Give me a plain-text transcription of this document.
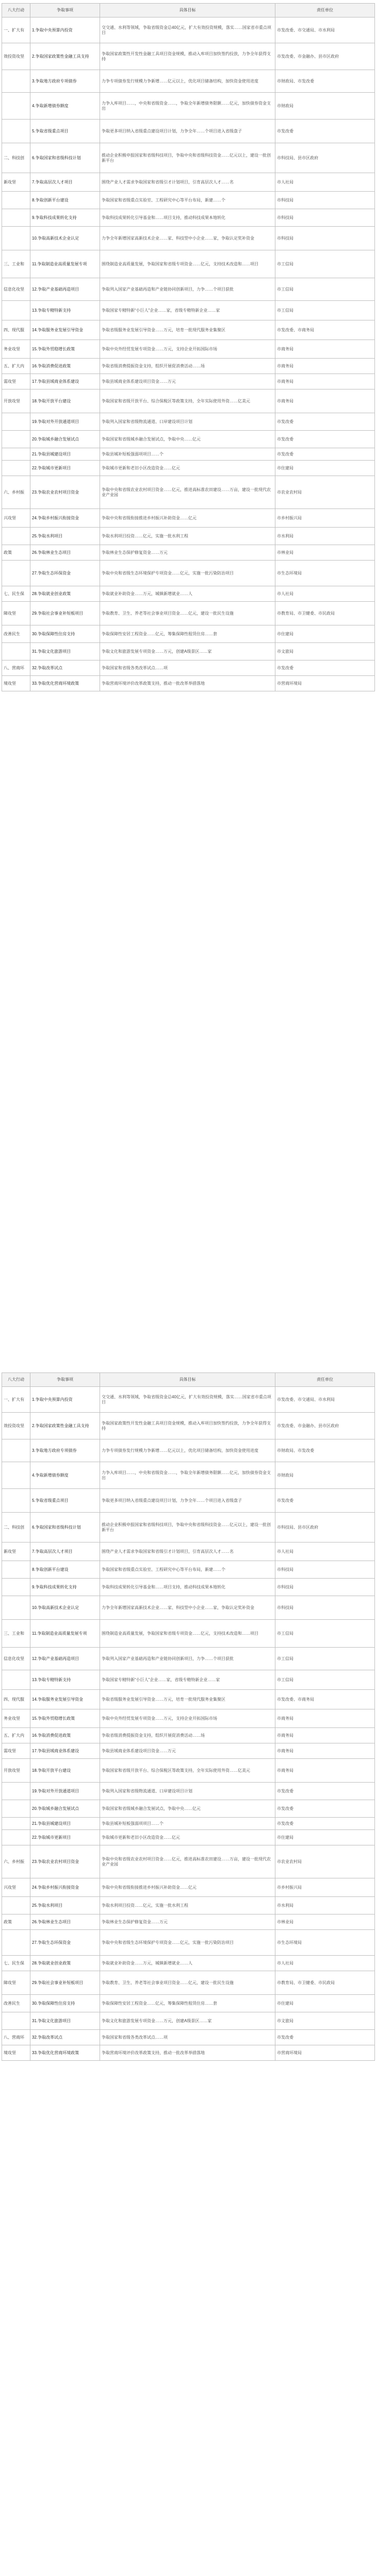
八大行动	争取事项	具体目标	责任单位
一、扩大有	1.争取中央预算内投资	交交通、水利等领域，争取省级资金总40亿元，扩大有效投资规模，落实……国家省市重点项目	市发改委、市交通局、市水利局
效投资攻坚	2.争取国家政策性金融工具支持	争取国家政策性开发性金融工具项目资金规模，推动入库项目加快签约投放，力争全年获得支持	市发改委、市金融办、县市区政府
	3.争取地方政府专项债券	力争专项债券发行规模力争新增……亿元以上，优化项目储备结构，加快资金使用进度	市财政局、市发改委
	4.争取新增债券额度	力争入库项目……，中央和省级资金……，争取全年新增债务限额……亿元，加快债券资金支出	市财政局
	5.争取省级重点项目	争取更多项目纳入省级重点建设项目计划，力争全年……个项目进入省级盘子	市发改委
二、科技创	6.争取国家和省级科技计划	推动企业积极申报国家和省级科技项目，争取中央和省级科技资金……亿元以上，建设一批创新平台	市科技局、县市区政府
新攻坚	7.争取高层次人才项目	围绕产业人才需求争取国家和省级引才计划项目，引育高层次人才……名	市人社局
	8.争取创新平台建设	争取国家和省级重点实验室、工程研究中心等平台布局，新建……个	市科技局
	9.争取科技成果转化支持	争取科技成果转化引导基金和……项目支持，推动科技成果本地转化	市科技局
	10.争取高新技术企业认定	力争全年新增国家高新技术企业……家、科技型中小企业……家，争取认定奖补资金	市科技局
三、工业和	11.争取制造业高质量发展专项	围绕制造业高质量发展，争取国家和省级专项资金……亿元，支持技术改造和……项目	市工信局
信息化攻坚	12.争取产业基础再造项目	争取列入国家产业基础再造和产业链协同创新项目，力争……个项目获批	市工信局
	13.争取专精特新支持	争取国家专精特新“小巨人”企业……家，省级专精特新企业……家	市工信局
四、现代服	14.争取服务业发展引导资金	争取省级服务业发展引导资金……万元，培育一批现代服务业集聚区	市发改委、市商务局
务业攻坚	15.争取外贸稳增长政策	争取中央外经贸发展专项资金……万元，支持企业开拓国际市场	市商务局
五、扩大内	16.争取消费促进政策	争取省级消费提振资金支持，组织开展促消费活动……场	市商务局
需攻坚	17.争取县域商业体系建设	争取县域商业体系建设项目资金……万元	市商务局
开放攻坚	18.争取开放平台建设	争取国家和省级开放平台、综合保税区等政策支持，全年实际使用外资……亿美元	市商务局
	19.争取对外开放通道项目	争取列入国家和省级物流通道、口岸建设项目计划	市发改委
	20.争取城乡融合发展试点	争取国家和省级城乡融合发展试点，争取中央……亿元	市发改委
	21.争取县城建设项目	争取县城补短板强弱项项目……个	市发改委
	22.争取城市更新项目	争取城市更新和老旧小区改造资金……亿元	市住建局
六、乡村振	23.争取农业农村项目资金	争取中央和省级农业农村项目资金……亿元，推进高标准农田建设……万亩，建设一批现代农业产业园	市农业农村局
兴攻坚	24.争取乡村振兴衔接资金	争取中央和省级衔接推进乡村振兴补助资金……亿元	市乡村振兴局
	25.争取水利项目	争取水利项目投资……亿元，实施一批水利工程	市水利局
政策	26.争取林业生态项目	争取林业生态保护修复资金……万元	市林业局
	27.争取生态环保资金	争取中央和省级生态环境保护专项资金……亿元，实施一批污染防治项目	市生态环境局
七、民生保	28.争取就业创业政策	争取就业补助资金……万元，城镇新增就业……人	市人社局
障攻坚	29.争取社会事业补短板项目	争取教育、卫生、养老等社会事业项目资金……亿元，建设一批民生设施	市教育局、市卫健委、市民政局
改善民生	30.争取保障性住房支持	争取保障性安居工程资金……亿元，筹集保障性租赁住房……套	市住建局
	31.争取文化旅游项目	争取文化和旅游发展专项资金……万元，创建A级景区……家	市文旅局
八、营商环	32.争取改革试点	争取国家和省级各类改革试点……项	市发改委
境攻坚	33.争取优化营商环境政策	争取营商环境评价改革政策支持，推动一批改革举措落地	市营商环境局
八大行动	争取事项	具体目标	责任单位
一、扩大有	1.争取中央预算内投资	交交通、水利等领域，争取省级资金总40亿元，扩大有效投资规模，落实……国家省市重点项目	市发改委、市交通局、市水利局
效投资攻坚	2.争取国家政策性金融工具支持	争取国家政策性开发性金融工具项目资金规模，推动入库项目加快签约投放，力争全年获得支持	市发改委、市金融办、县市区政府
	3.争取地方政府专项债券	力争专项债券发行规模力争新增……亿元以上，优化项目储备结构，加快资金使用进度	市财政局、市发改委
	4.争取新增债券额度	力争入库项目……，中央和省级资金……，争取全年新增债务限额……亿元，加快债券资金支出	市财政局
	5.争取省级重点项目	争取更多项目纳入省级重点建设项目计划，力争全年……个项目进入省级盘子	市发改委
二、科技创	6.争取国家和省级科技计划	推动企业积极申报国家和省级科技项目，争取中央和省级科技资金……亿元以上，建设一批创新平台	市科技局、县市区政府
新攻坚	7.争取高层次人才项目	围绕产业人才需求争取国家和省级引才计划项目，引育高层次人才……名	市人社局
	8.争取创新平台建设	争取国家和省级重点实验室、工程研究中心等平台布局，新建……个	市科技局
	9.争取科技成果转化支持	争取科技成果转化引导基金和……项目支持，推动科技成果本地转化	市科技局
	10.争取高新技术企业认定	力争全年新增国家高新技术企业……家、科技型中小企业……家，争取认定奖补资金	市科技局
三、工业和	11.争取制造业高质量发展专项	围绕制造业高质量发展，争取国家和省级专项资金……亿元，支持技术改造和……项目	市工信局
信息化攻坚	12.争取产业基础再造项目	争取列入国家产业基础再造和产业链协同创新项目，力争……个项目获批	市工信局
	13.争取专精特新支持	争取国家专精特新“小巨人”企业……家，省级专精特新企业……家	市工信局
四、现代服	14.争取服务业发展引导资金	争取省级服务业发展引导资金……万元，培育一批现代服务业集聚区	市发改委、市商务局
务业攻坚	15.争取外贸稳增长政策	争取中央外经贸发展专项资金……万元，支持企业开拓国际市场	市商务局
五、扩大内	16.争取消费促进政策	争取省级消费提振资金支持，组织开展促消费活动……场	市商务局
需攻坚	17.争取县域商业体系建设	争取县域商业体系建设项目资金……万元	市商务局
开放攻坚	18.争取开放平台建设	争取国家和省级开放平台、综合保税区等政策支持，全年实际使用外资……亿美元	市商务局
	19.争取对外开放通道项目	争取列入国家和省级物流通道、口岸建设项目计划	市发改委
	20.争取城乡融合发展试点	争取国家和省级城乡融合发展试点，争取中央……亿元	市发改委
	21.争取县城建设项目	争取县城补短板强弱项项目……个	市发改委
	22.争取城市更新项目	争取城市更新和老旧小区改造资金……亿元	市住建局
六、乡村振	23.争取农业农村项目资金	争取中央和省级农业农村项目资金……亿元，推进高标准农田建设……万亩，建设一批现代农业产业园	市农业农村局
兴攻坚	24.争取乡村振兴衔接资金	争取中央和省级衔接推进乡村振兴补助资金……亿元	市乡村振兴局
	25.争取水利项目	争取水利项目投资……亿元，实施一批水利工程	市水利局
政策	26.争取林业生态项目	争取林业生态保护修复资金……万元	市林业局
	27.争取生态环保资金	争取中央和省级生态环境保护专项资金……亿元，实施一批污染防治项目	市生态环境局
七、民生保	28.争取就业创业政策	争取就业补助资金……万元，城镇新增就业……人	市人社局
障攻坚	29.争取社会事业补短板项目	争取教育、卫生、养老等社会事业项目资金……亿元，建设一批民生设施	市教育局、市卫健委、市民政局
改善民生	30.争取保障性住房支持	争取保障性安居工程资金……亿元，筹集保障性租赁住房……套	市住建局
	31.争取文化旅游项目	争取文化和旅游发展专项资金……万元，创建A级景区……家	市文旅局
八、营商环	32.争取改革试点	争取国家和省级各类改革试点……项	市发改委
境攻坚	33.争取优化营商环境政策	争取营商环境评价改革政策支持，推动一批改革举措落地	市营商环境局
